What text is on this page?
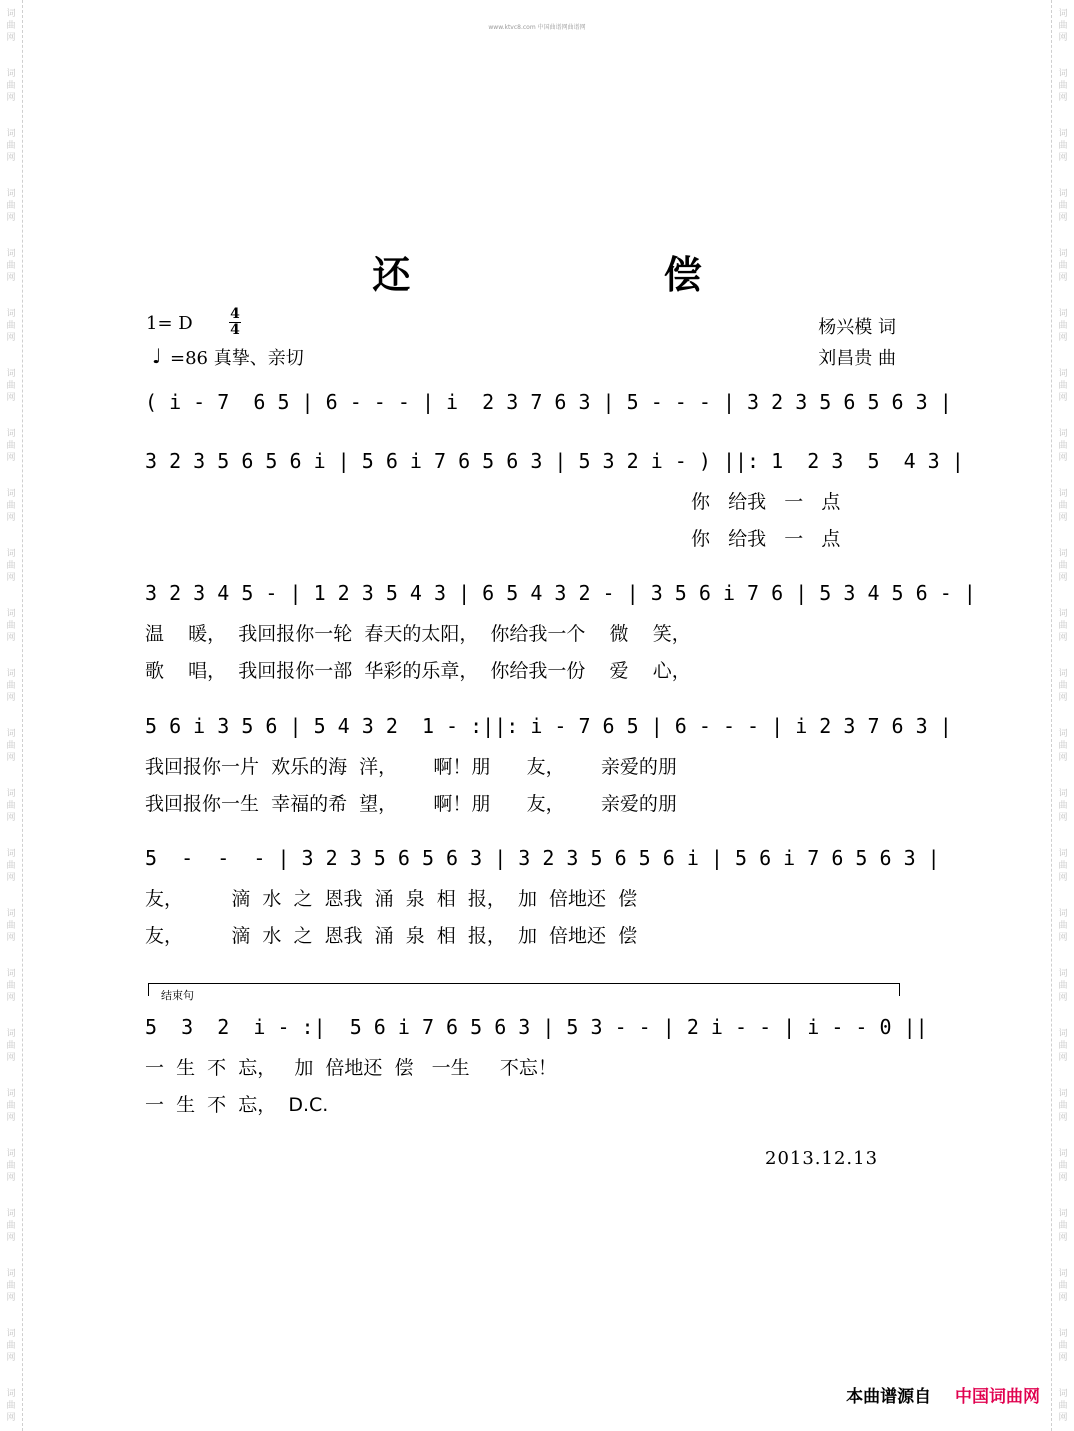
词
曲
网
词
曲
网
词
曲
网
词
曲
网
词
曲
网
词
曲
网
词
曲
网
词
曲
网
词
曲
网
词
曲
网
词
曲
网
词
曲
网
词
曲
网
词
曲
网
词
曲
网
词
曲
网
词
曲
网
词
曲
网
词
曲
网
词
曲
网
词
曲
网
词
曲
网
词
曲
网
词
曲
网
词
曲
网
词
曲
网
词
曲
网
词
曲
网
词
曲
网
词
曲
网
词
曲
网
词
曲
网
词
曲
网
词
曲
网
词
曲
网
词
曲
网
词
曲
网
词
曲
网
词
曲
网
词
曲
网
词
曲
网
词
曲
网
词
曲
网
词
曲
网
词
曲
网
词
曲
网
词
曲
网
词
曲
网
www.ktvc8.com 中国曲谱网曲谱网
还 偿
1= D	4
4
♩ =86 真挚、亲切
杨兴模 词
刘昌贵 曲
( i - 7  6 5 | 6 - - - | i  2 3 7 6 3 | 5 - - - | 3 2 3 5 6 5 6 3 |
3 2 3 5 6 5 6 i | 5 6 i 7 6 5 6 3 | 5 3 2 i - ) ||: 1  2 3  5  4 3 |
你   给我   一   点
你   给我   一   点
3 2 3 4 5 - | 1 2 3 5 4 3 | 6 5 4 3 2 - | 3 5 6 i 7 6 | 5 3 4 5 6 - |
温    暖，  我回报你一轮  春天的太阳，  你给我一个    微    笑，
歌    唱，  我回报你一部  华彩的乐章，  你给我一份    爱    心，
5 6 i 3 5 6 | 5 4 3 2  1 - :||: i - 7 6 5 | 6 - - - | i 2 3 7 6 3 |
我回报你一片  欢乐的海  洋，      啊！朋      友，      亲爱的朋
我回报你一生  幸福的希  望，      啊！朋      友，      亲爱的朋
5  -  -  - | 3 2 3 5 6 5 6 3 | 3 2 3 5 6 5 6 i | 5 6 i 7 6 5 6 3 |
友，        滴  水  之  恩我  涌  泉  相  报，  加  倍地还  偿
友，        滴  水  之  恩我  涌  泉  相  报，  加  倍地还  偿
结束句
5  3  2  i - :|  5 6 i 7 6 5 6 3 | 5 3 - - | 2 i - - | i - - 0 ||
一  生  不  忘，   加  倍地还  偿   一生     不忘！
一  生  不  忘，  D.C.
2013.12.13
本曲谱源自 中国词曲网
